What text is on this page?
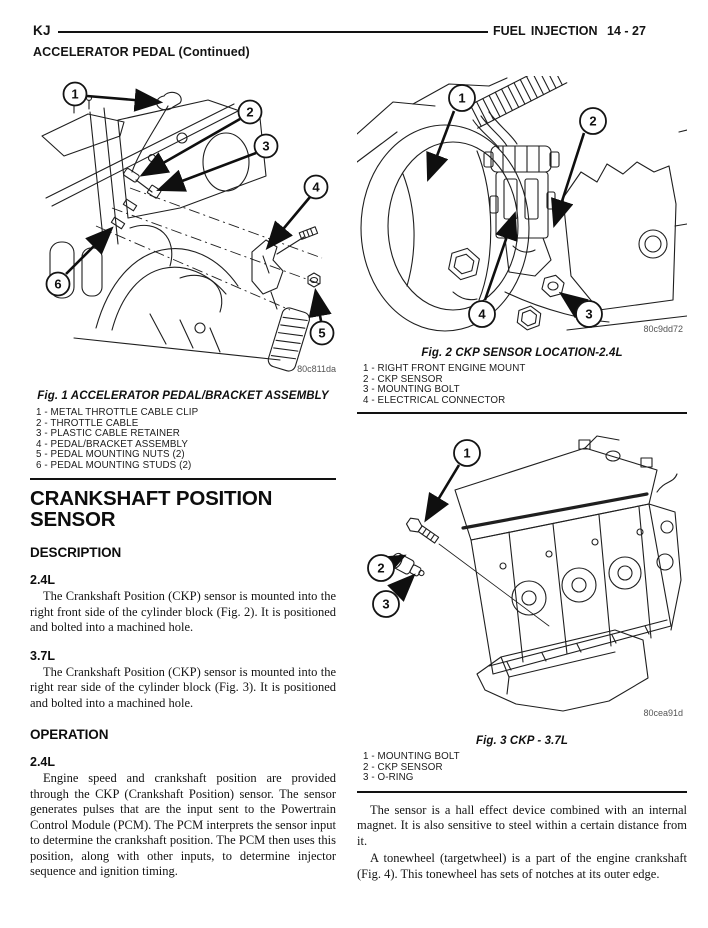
KJ	FUEL INJECTION 14 - 27
ACCELERATOR PEDAL (Continued)
1
2
3
4
5
6
80c811da
Fig. 1 ACCELERATOR PEDAL/BRACKET ASSEMBLY
1 - METAL THROTTLE CABLE CLIP
2 - THROTTLE CABLE
3 - PLASTIC CABLE RETAINER
4 - PEDAL/BRACKET ASSEMBLY
5 - PEDAL MOUNTING NUTS (2)
6 - PEDAL MOUNTING STUDS (2)
CRANKSHAFT POSITION SENSOR
DESCRIPTION
2.4L

The Crankshaft Position (CKP) sensor is mounted into the right front side of the cylinder block (Fig. 2). It is positioned and bolted into a machined hole.

3.7L

The Crankshaft Position (CKP) sensor is mounted into the right rear side of the cylinder block (Fig. 3). It is positioned and bolted into a machined hole.

OPERATION
2.4L

Engine speed and crankshaft position are provided through the CKP (Crankshaft Position) sensor. The sensor generates pulses that are the input sent to the Powertrain Control Module (PCM). The PCM interprets the sensor input to determine the crankshaft position. The PCM then uses this position, along with other inputs, to determine injector sequence and ignition timing.

1
2
3
4
80c9dd72
Fig. 2 CKP SENSOR LOCATION-2.4L
1 - RIGHT FRONT ENGINE MOUNT
2 - CKP SENSOR
3 - MOUNTING BOLT
4 - ELECTRICAL CONNECTOR
1
2
3
80cea91d
Fig. 3 CKP - 3.7L
1 - MOUNTING BOLT
2 - CKP SENSOR
3 - O-RING

The sensor is a hall effect device combined with an internal magnet. It is also sensitive to steel within a certain distance from it.

A tonewheel (targetwheel) is a part of the engine crankshaft (Fig. 4). This tonewheel has sets of notches at its outer edge.
